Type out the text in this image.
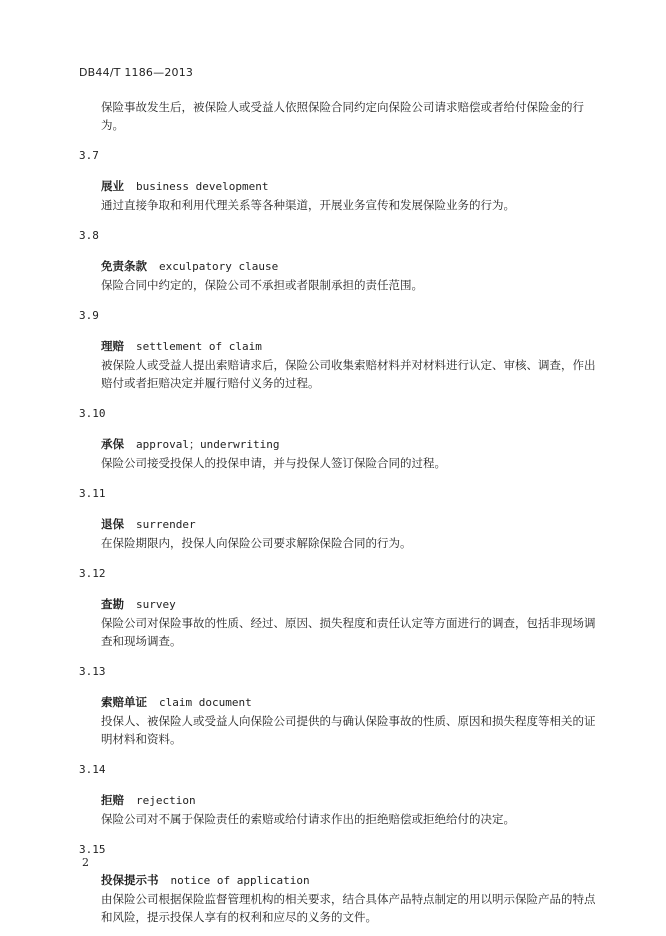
DB44/T 1186—2013

保险事故发生后，被保险人或受益人依照保险合同约定向保险公司请求赔偿或者给付保险金的行为。

3.7
展业 business development

通过直接争取和利用代理关系等各种渠道，开展业务宣传和发展保险业务的行为。

3.8
免责条款 exculpatory clause

保险合同中约定的，保险公司不承担或者限制承担的责任范围。

3.9
理赔 settlement of claim

被保险人或受益人提出索赔请求后，保险公司收集索赔材料并对材料进行认定、审核、调查，作出赔付或者拒赔决定并履行赔付义务的过程。

3.10
承保 approval；underwriting

保险公司接受投保人的投保申请，并与投保人签订保险合同的过程。

3.11
退保 surrender

在保险期限内，投保人向保险公司要求解除保险合同的行为。

3.12
查勘 survey

保险公司对保险事故的性质、经过、原因、损失程度和责任认定等方面进行的调查，包括非现场调查和现场调查。

3.13
索赔单证 claim document

投保人、被保险人或受益人向保险公司提供的与确认保险事故的性质、原因和损失程度等相关的证明材料和资料。

3.14
拒赔 rejection

保险公司对不属于保险责任的索赔或给付请求作出的拒绝赔偿或拒绝给付的决定。

3.15
投保提示书 notice of application

由保险公司根据保险监督管理机构的相关要求，结合具体产品特点制定的用以明示保险产品的特点和风险，提示投保人享有的权利和应尽的义务的文件。

2
